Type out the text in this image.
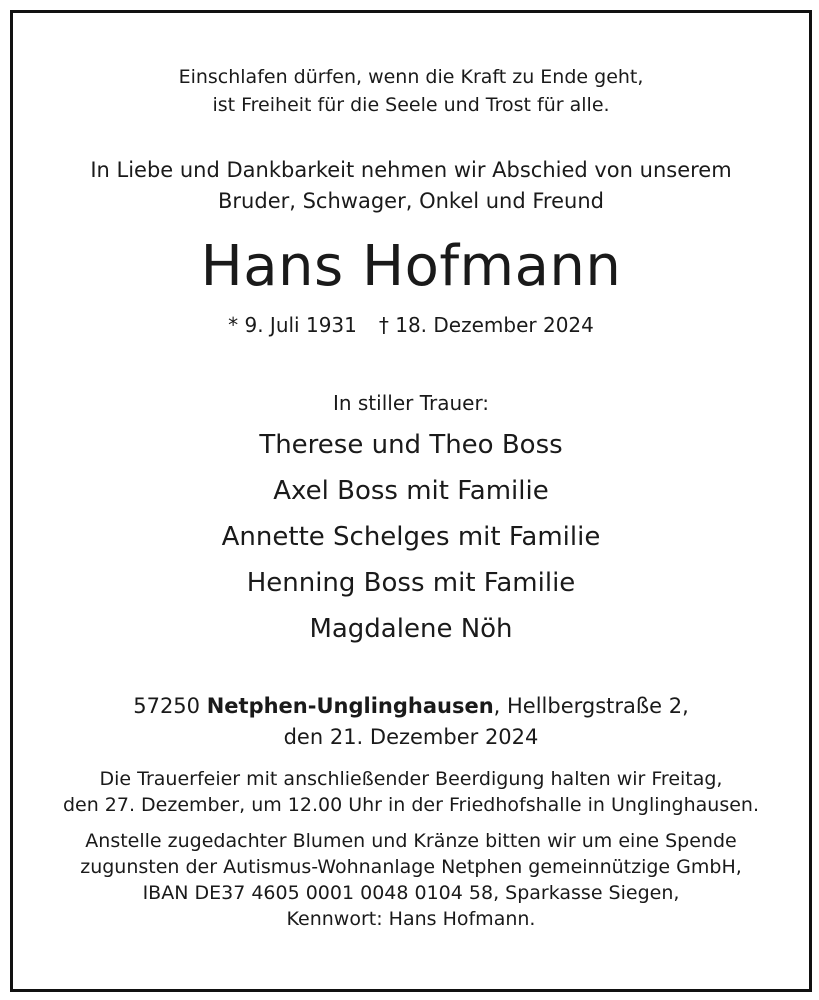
Einschlafen dürfen, wenn die Kraft zu Ende geht,
ist Freiheit für die Seele und Trost für alle.
In Liebe und Dankbarkeit nehmen wir Abschied von unserem
Bruder, Schwager, Onkel und Freund
Hans Hofmann
* 9. Juli 1931 † 18. Dezember 2024
In stiller Trauer:
Therese und Theo Boss
Axel Boss mit Familie
Annette Schelges mit Familie
Henning Boss mit Familie
Magdalene Nöh
57250 Netphen-Unglinghausen, Hellbergstraße 2,
den 21. Dezember 2024
Die Trauerfeier mit anschließender Beerdigung halten wir Freitag,
den 27. Dezember, um 12.00 Uhr in der Friedhofshalle in Unglinghausen.
Anstelle zugedachter Blumen und Kränze bitten wir um eine Spende
zugunsten der Autismus-Wohnanlage Netphen gemeinnützige GmbH,
IBAN DE37 4605 0001 0048 0104 58, Sparkasse Siegen,
Kennwort: Hans Hofmann.
